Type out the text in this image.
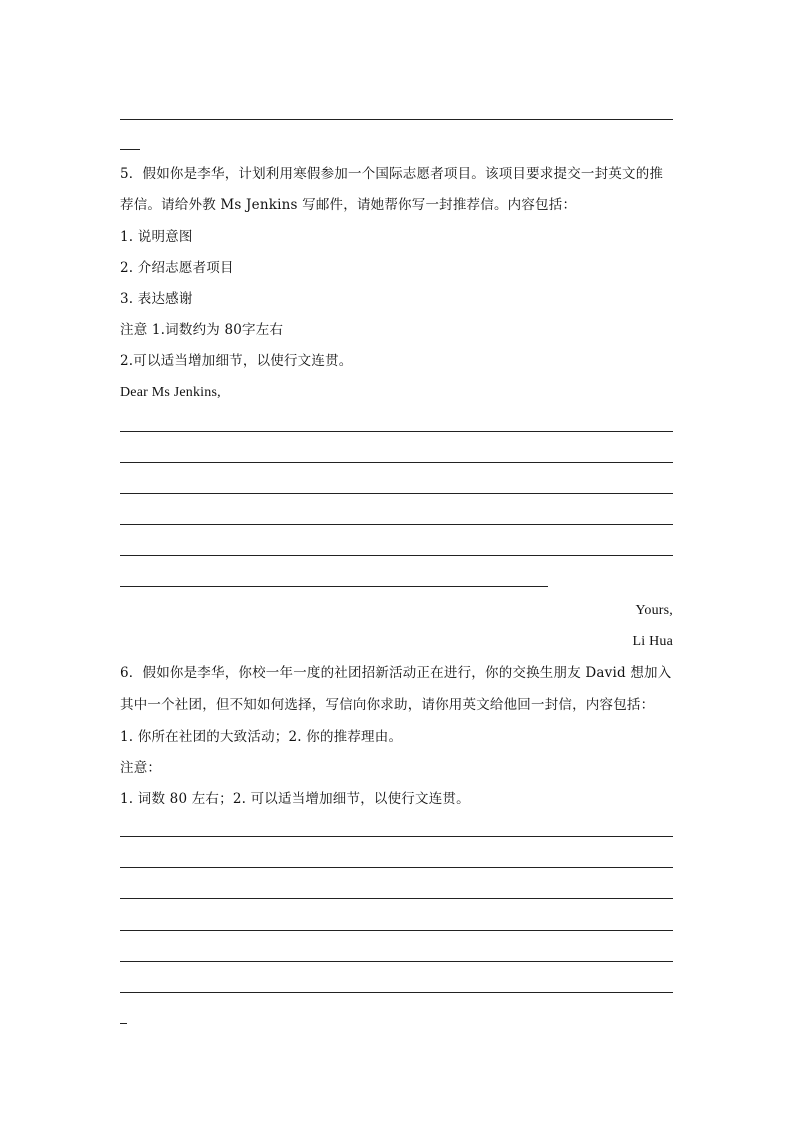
5．假如你是李华，计划利用寒假参加一个国际志愿者项目。该项目要求提交一封英文的推
荐信。请给外教 Ms Jenkins 写邮件，请她帮你写一封推荐信。内容包括：
1. 说明意图
2. 介绍志愿者项目
3. 表达感谢
注意 1.词数约为 80字左右
2.可以适当增加细节，以使行文连贯。
Dear Ms Jenkins,
Yours,
Li Hua
6．假如你是李华，你校一年一度的社团招新活动正在进行，你的交换生朋友 David 想加入
其中一个社团，但不知如何选择，写信向你求助，请你用英文给他回一封信，内容包括：
1. 你所在社团的大致活动；2. 你的推荐理由。
注意：
1. 词数 80 左右；2. 可以适当增加细节，以使行文连贯。
